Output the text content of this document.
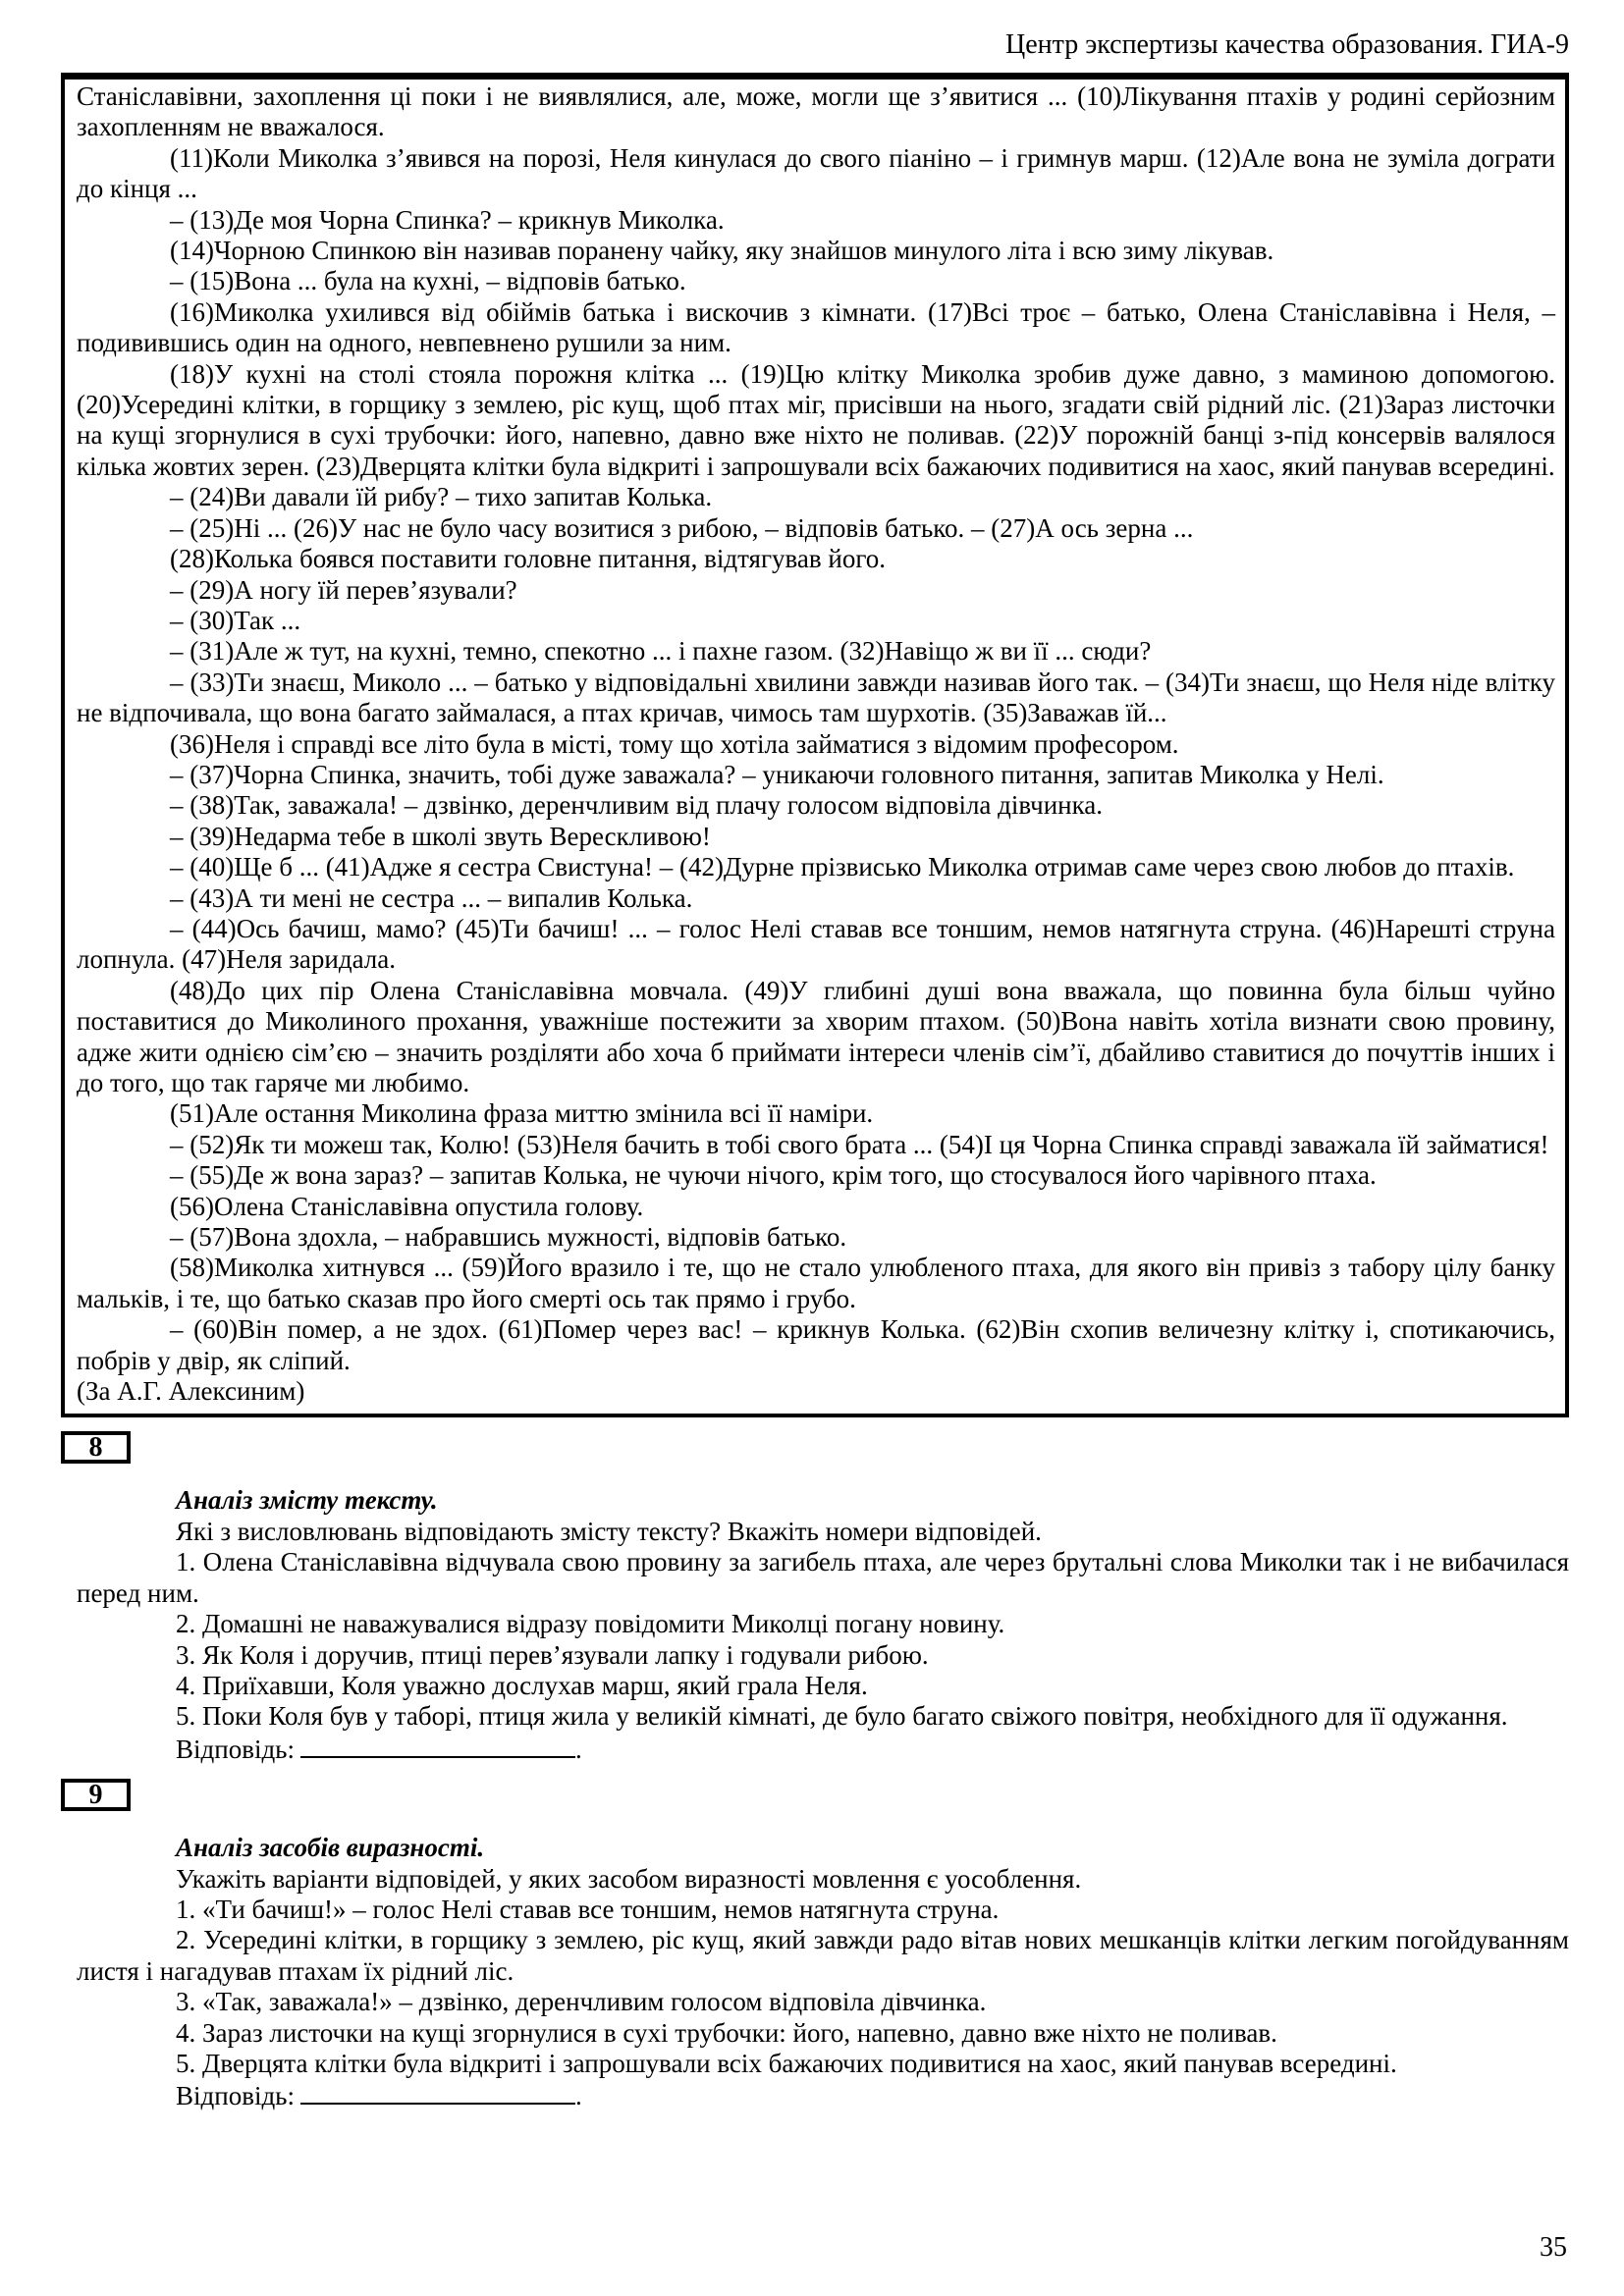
Центр экспертизы качества образования. ГИА-9

Станіславівни, захоплення ці поки і не виявлялися, але, може, могли ще з’явитися ... (10)Лікування птахів у родині серйозним захопленням не вважалося.

(11)Коли Миколка з’явився на порозі, Неля кинулася до свого піаніно – і гримнув марш. (12)Але вона не зуміла дограти до кінця ...

– (13)Де моя Чорна Спинка? – крикнув Миколка.

(14)Чорною Спинкою він називав поранену чайку, яку знайшов минулого літа і всю зиму лікував.

– (15)Вона ... була на кухні, – відповів батько.

(16)Миколка ухилився від обіймів батька і вискочив з кімнати. (17)Всі троє – батько, Олена Станіславівна і Неля, – подивившись один на одного, невпевнено рушили за ним.

(18)У кухні на столі стояла порожня клітка ... (19)Цю клітку Миколка зробив дуже давно, з маминою допомогою. (20)Усередині клітки, в горщику з землею, ріс кущ, щоб птах міг, присівши на нього, згадати свій рідний ліс. (21)Зараз листочки на кущі згорнулися в сухі трубочки: його, напевно, давно вже ніхто не поливав. (22)У порожній банці з-під консервів валялося кілька жовтих зерен. (23)Дверцята клітки була відкриті і запрошували всіх бажаючих подивитися на хаос, який панував всередині.

– (24)Ви давали їй рибу? – тихо запитав Колька.

– (25)Ні ... (26)У нас не було часу возитися з рибою, – відповів батько. – (27)А ось зерна ...

(28)Колька боявся поставити головне питання, відтягував його.

– (29)А ногу їй перев’язували?

– (30)Так ...

– (31)Але ж тут, на кухні, темно, спекотно ... і пахне газом. (32)Навіщо ж ви її ... сюди?

– (33)Ти знаєш, Миколо ... – батько у відповідальні хвилини завжди називав його так. – (34)Ти знаєш, що Неля ніде влітку не відпочивала, що вона багато займалася, а птах кричав, чимось там шурхотів. (35)Заважав їй...

(36)Неля і справді все літо була в місті, тому що хотіла займатися з відомим професором.

– (37)Чорна Спинка, значить, тобі дуже заважала? – уникаючи головного питання, запитав Миколка у Нелі.

– (38)Так, заважала! – дзвінко, деренчливим від плачу голосом відповіла дівчинка.

– (39)Недарма тебе в школі звуть Верескливою!

– (40)Ще б ... (41)Адже я сестра Свистуна! – (42)Дурне прізвисько Миколка отримав саме через свою любов до птахів.

– (43)А ти мені не сестра ... – випалив Колька.

– (44)Ось бачиш, мамо? (45)Ти бачиш! ... – голос Нелі ставав все тоншим, немов натягнута струна. (46)Нарешті струна лопнула. (47)Неля заридала.

(48)До цих пір Олена Станіславівна мовчала. (49)У глибині душі вона вважала, що повинна була більш чуйно поставитися до Миколиного прохання, уважніше постежити за хворим птахом. (50)Вона навіть хотіла визнати свою провину, адже жити однією сім’єю – значить розділяти або хоча б приймати інтереси членів сім’ї, дбайливо ставитися до почуттів інших і до того, що так гаряче ми любимо.

(51)Але остання Миколина фраза миттю змінила всі її наміри.

– (52)Як ти можеш так, Колю! (53)Неля бачить в тобі свого брата ... (54)І ця Чорна Спинка справді заважала їй займатися!

– (55)Де ж вона зараз? – запитав Колька, не чуючи нічого, крім того, що стосувалося його чарівного птаха.

(56)Олена Станіславівна опустила голову.

– (57)Вона здохла, – набравшись мужності, відповів батько.

(58)Миколка хитнувся ... (59)Його вразило і те, що не стало улюбленого птаха, для якого він привіз з табору цілу банку мальків, і те, що батько сказав про його смерті ось так прямо і грубо.

– (60)Він помер, а не здох. (61)Помер через вас! – крикнув Колька. (62)Він схопив величезну клітку і, спотикаючись, побрів у двір, як сліпий.

(За А.Г. Алексиним)

8

Аналіз змісту тексту.

Які з висловлювань відповідають змісту тексту? Вкажіть номери відповідей.

1. Олена Станіславівна відчувала свою провину за загибель птаха, але через брутальні слова Миколки так і не вибачилася перед ним.

2. Домашні не наважувалися відразу повідомити Миколці погану новину.

3. Як Коля і доручив, птиці перев’язували лапку і годували рибою.

4. Приїхавши, Коля уважно дослухав марш, який грала Неля.

5. Поки Коля був у таборі, птиця жила у великій кімнаті, де було багато свіжого повітря, необхідного для її одужання.

Відповідь:	.

9

Аналіз засобів виразності.

Укажіть варіанти відповідей, у яких засобом виразності мовлення є уособлення.

1. «Ти бачиш!» – голос Нелі ставав все тоншим, немов натягнута струна.

2. Усередині клітки, в горщику з землею, ріс кущ, який завжди радо вітав нових мешканців клітки легким погойдуванням листя і нагадував птахам їх рідний ліс.

3. «Так, заважала!» – дзвінко, деренчливим голосом відповіла дівчинка.

4. Зараз листочки на кущі згорнулися в сухі трубочки: його, напевно, давно вже ніхто не поливав.

5. Дверцята клітки була відкриті і запрошували всіх бажаючих подивитися на хаос, який панував всередині.

Відповідь:	.

35
